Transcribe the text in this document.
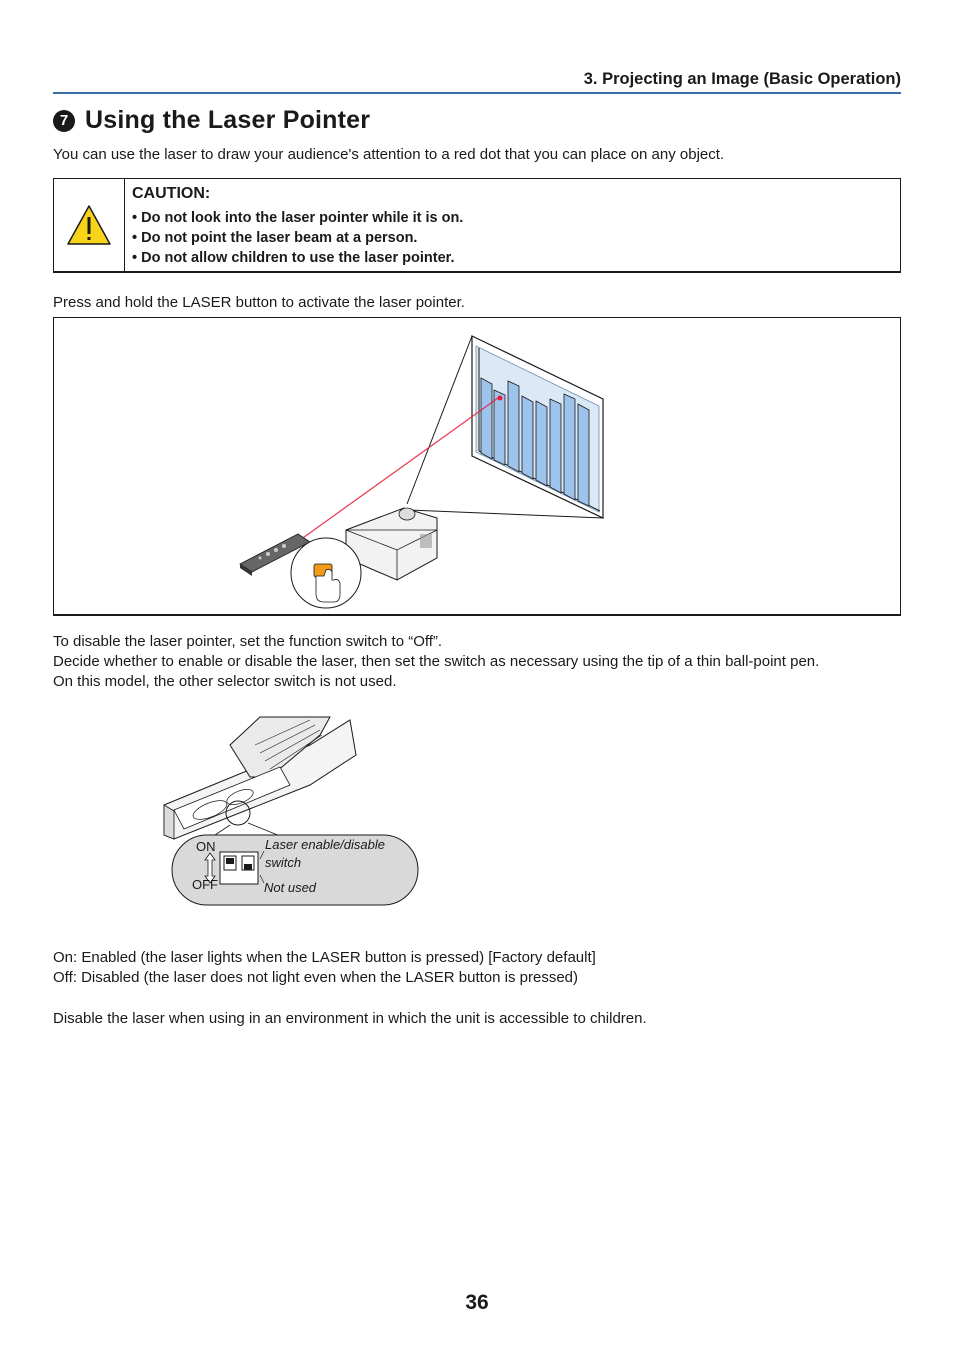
3. Projecting an Image (Basic Operation)
7 Using the Laser Pointer
You can use the laser to draw your audience's attention to a red dot that you can place on any object.
CAUTION:
• Do not look into the laser pointer while it is on.
• Do not point the laser beam at a person.
• Do not allow children to use the laser pointer.
Press and hold the LASER button to activate the laser pointer.
To disable the laser pointer, set the function switch to “Off”.
Decide whether to enable or disable the laser, then set the switch as necessary using the tip of a thin ball-point pen.
On this model, the other selector switch is not used.
ON
OFF
Laser enable/disable
switch
Not used
On: Enabled (the laser lights when the LASER button is pressed) [Factory default]
Off: Disabled (the laser does not light even when the LASER button is pressed)
Disable the laser when using in an environment in which the unit is accessible to children.
36
